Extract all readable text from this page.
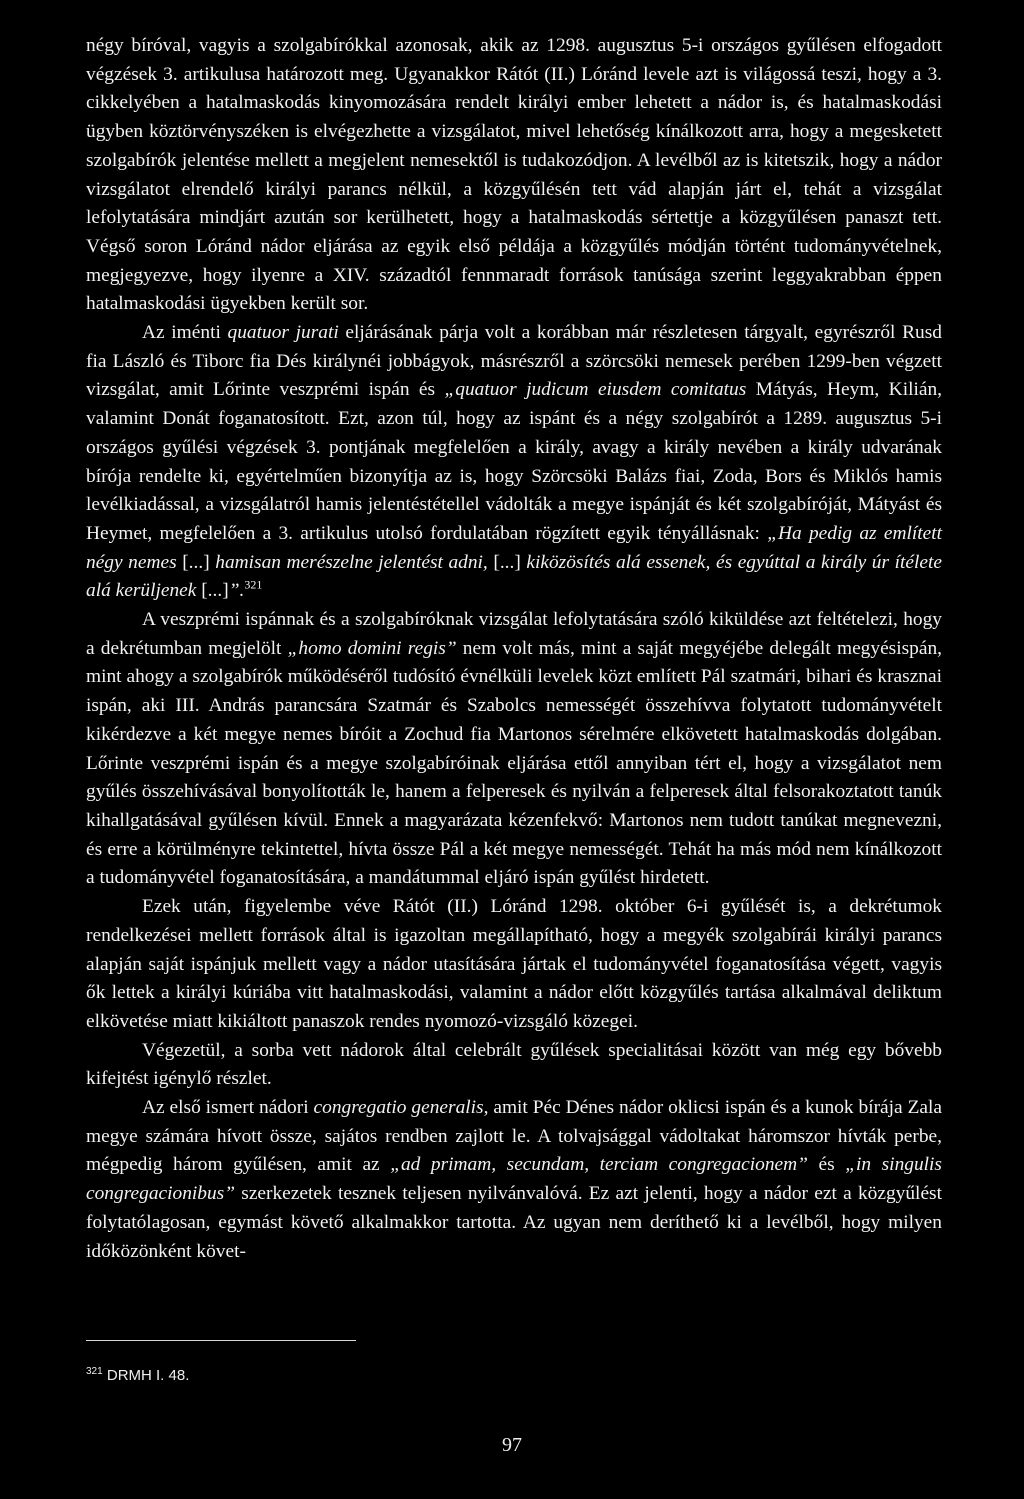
négy bíróval, vagyis a szolgabírókkal azonosak, akik az 1298. augusztus 5-i országos gyűlésen elfogadott végzések 3. artikulusa határozott meg. Ugyanakkor Rátót (II.) Lóránd levele azt is világossá teszi, hogy a 3. cikkelyében a hatalmaskodás kinyomozására rendelt királyi ember lehetett a nádor is, és hatalmaskodási ügyben köztörvényszéken is elvégezhette a vizsgálatot, mivel lehetőség kínálkozott arra, hogy a megesketett szolgabírók jelentése mellett a megjelent nemesektől is tudakozódjon. A levélből az is kitetszik, hogy a nádor vizsgálatot elrendelő királyi parancs nélkül, a közgyűlésén tett vád alapján járt el, tehát a vizsgálat lefolytatására mindjárt azután sor kerülhetett, hogy a hatalmaskodás sértettje a közgyűlésen panaszt tett. Végső soron Lóránd nádor eljárása az egyik első példája a közgyűlés módján történt tudományvételnek, megjegyezve, hogy ilyenre a XIV. századtól fennmaradt források tanúsága szerint leggyakrabban éppen hatalmaskodási ügyekben került sor.

Az iménti quatuor jurati eljárásának párja volt a korábban már részletesen tárgyalt, egyrészről Rusd fia László és Tiborc fia Dés királynéi jobbágyok, másrészről a szörcsöki nemesek perében 1299-ben végzett vizsgálat, amit Lőrinte veszprémi ispán és „quatuor judicum eiusdem comitatus Mátyás, Heym, Kilián, valamint Donát foganatosított. Ezt, azon túl, hogy az ispánt és a négy szolgabírót a 1289. augusztus 5-i országos gyűlési végzések 3. pontjának megfelelően a király, avagy a király nevében a király udvarának bírója rendelte ki, egyértelműen bizonyítja az is, hogy Szörcsöki Balázs fiai, Zoda, Bors és Miklós hamis levélkiadással, a vizsgálatról hamis jelentéstétellel vádolták a megye ispánját és két szolgabíróját, Mátyást és Heymet, megfelelően a 3. artikulus utolsó fordulatában rögzített egyik tényállásnak: „Ha pedig az említett négy nemes [...] hamisan merészelne jelentést adni, [...] kiközösítés alá essenek, és egyúttal a király úr ítélete alá kerüljenek [...]”.$^{321}$

A veszprémi ispánnak és a szolgabíróknak vizsgálat lefolytatására szóló kiküldése azt feltételezi, hogy a dekrétumban megjelölt „homo domini regis” nem volt más, mint a saját megyéjébe delegált megyésispán, mint ahogy a szolgabírók működéséről tudósító évnélküli levelek közt említett Pál szatmári, bihari és krasznai ispán, aki III. András parancsára Szatmár és Szabolcs nemességét összehívva folytatott tudományvételt kikérdezve a két megye nemes bíróit a Zochud fia Martonos sérelmére elkövetett hatalmaskodás dolgában. Lőrinte veszprémi ispán és a megye szolgabíróinak eljárása ettől annyiban tért el, hogy a vizsgálatot nem gyűlés összehívásával bonyolították le, hanem a felperesek és nyilván a felperesek által felsorakoztatott tanúk kihallgatásával gyűlésen kívül. Ennek a magyarázata kézenfekvő: Martonos nem tudott tanúkat megnevezni, és erre a körülményre tekintettel, hívta össze Pál a két megye nemességét. Tehát ha más mód nem kínálkozott a tudományvétel foganatosítására, a mandátummal eljáró ispán gyűlést hirdetett.

Ezek után, figyelembe véve Rátót (II.) Lóránd 1298. október 6-i gyűlését is, a dekrétumok rendelkezései mellett források által is igazoltan megállapítható, hogy a megyék szolgabírái királyi parancs alapján saját ispánjuk mellett vagy a nádor utasítására jártak el tudományvétel foganatosítása végett, vagyis ők lettek a királyi kúriába vitt hatalmaskodási, valamint a nádor előtt közgyűlés tartása alkalmával deliktum elkövetése miatt kikiáltott panaszok rendes nyomozó-vizsgáló közegei.

Végezetül, a sorba vett nádorok által celebrált gyűlések specialitásai között van még egy bővebb kifejtést igénylő részlet.

Az első ismert nádori congregatio generalis, amit Péc Dénes nádor oklicsi ispán és a kunok bírája Zala megye számára hívott össze, sajátos rendben zajlott le. A tolvajsággal vádoltakat háromszor hívták perbe, mégpedig három gyűlésen, amit az „ad primam, secundam, terciam congregacionem” és „in singulis congregacionibus” szerkezetek tesznek teljesen nyilvánvalóvá. Ez azt jelenti, hogy a nádor ezt a közgyűlést folytatólagosan, egymást követő alkalmakkor tartotta. Az ugyan nem deríthető ki a levélből, hogy milyen időközönként követ-

$^{321}$ DRMH I. 48.
97
